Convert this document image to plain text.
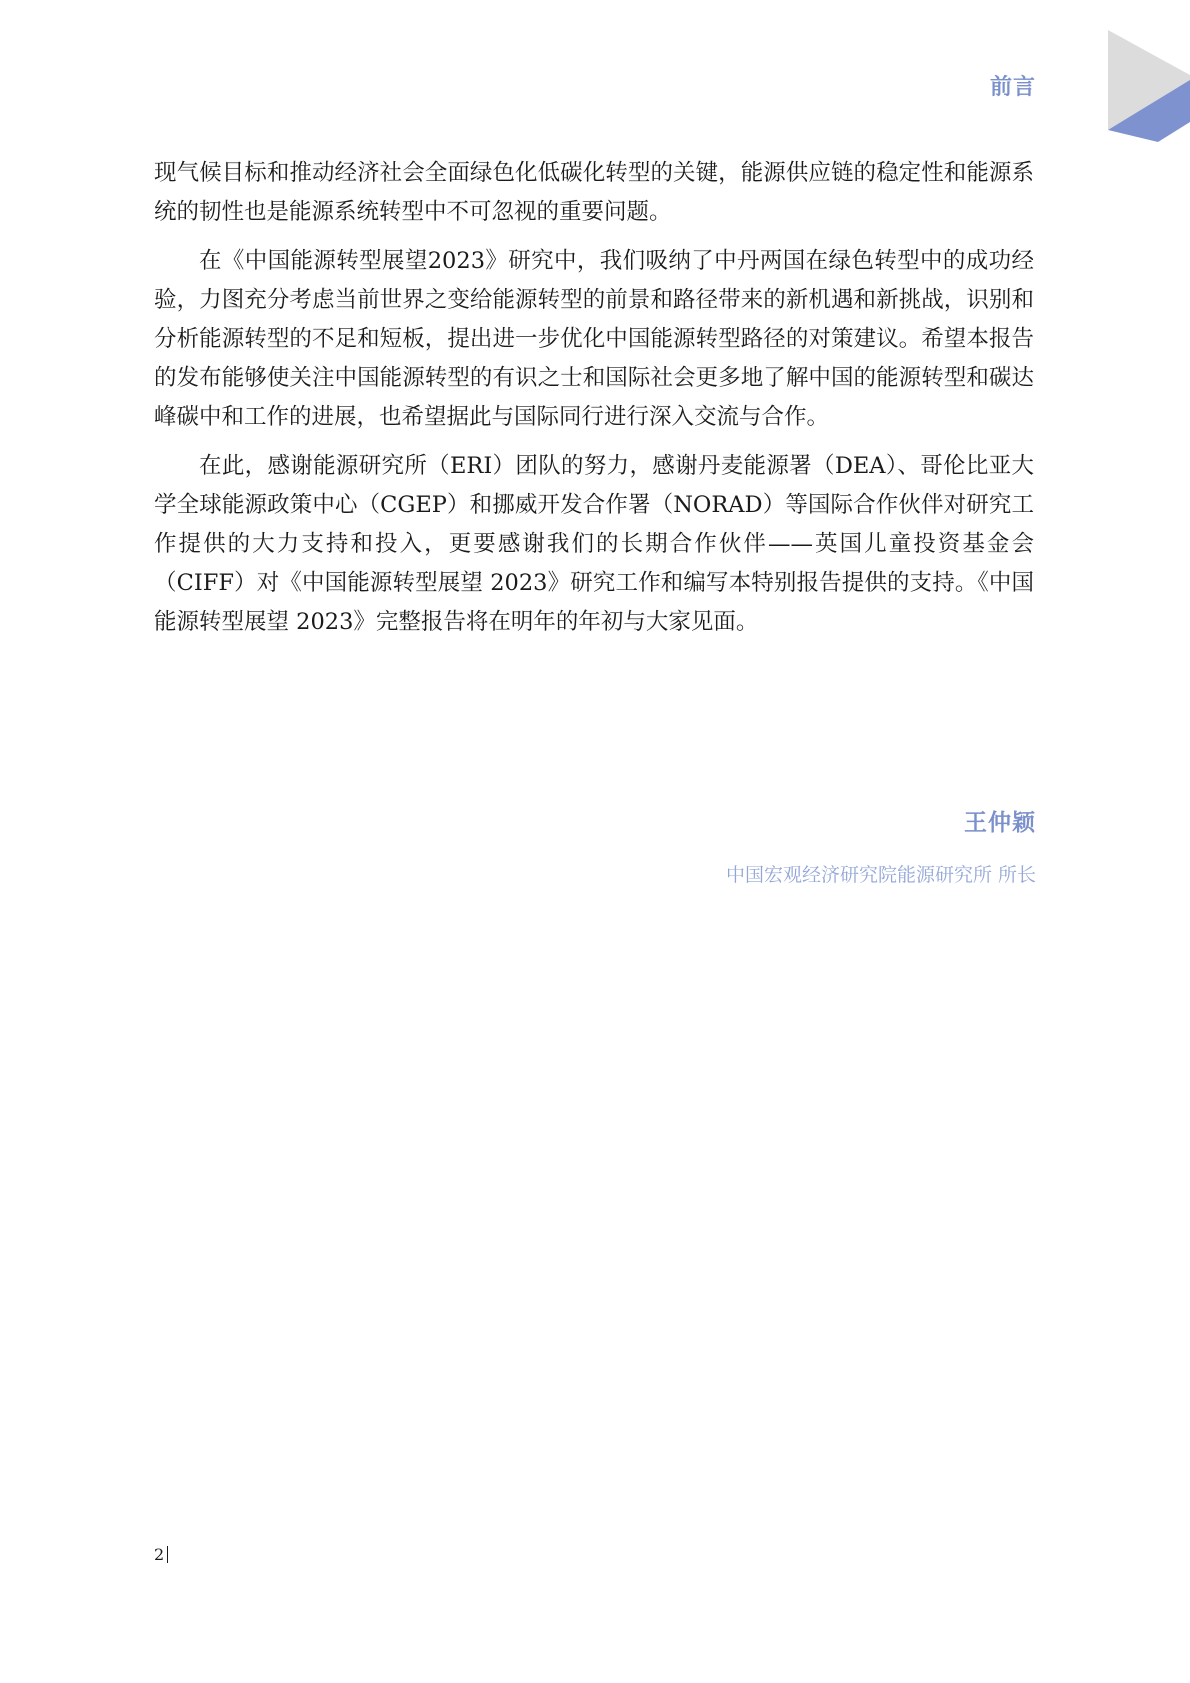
前言

现气候目标和推动经济社会全面绿色化低碳化转型的关键，能源供应链的稳定性和能源系统的韧性也是能源系统转型中不可忽视的重要问题。

在《中国能源转型展望2023》研究中，我们吸纳了中丹两国在绿色转型中的成功经验，力图充分考虑当前世界之变给能源转型的前景和路径带来的新机遇和新挑战，识别和分析能源转型的不足和短板，提出进一步优化中国能源转型路径的对策建议。希望本报告的发布能够使关注中国能源转型的有识之士和国际社会更多地了解中国的能源转型和碳达峰碳中和工作的进展，也希望据此与国际同行进行深入交流与合作。

在此，感谢能源研究所（ERI）团队的努力，感谢丹麦能源署（DEA）、哥伦比亚大学全球能源政策中心（CGEP）和挪威开发合作署（NORAD）等国际合作伙伴对研究工作提供的大力支持和投入，更要感谢我们的长期合作伙伴——英国儿童投资基金会（CIFF）对《中国能源转型展望 2023》研究工作和编写本特别报告提供的支持。《中国能源转型展望 2023》完整报告将在明年的年初与大家见面。

王仲颖
中国宏观经济研究院能源研究所 所长
2
